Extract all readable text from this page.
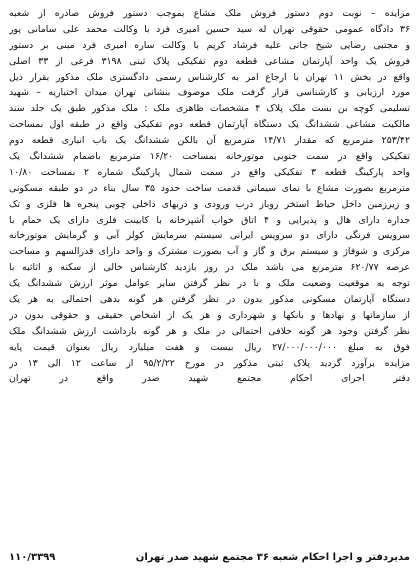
مزایده – نوبت دوم دستور فروش ملک مشاع بموجب دستور فروش صادره از شعبه
۳۶ دادگاه عمومی حقوقی تهران له سید حسین امیری فرد با وکالت محمد علی سامانی پور
و مجتبی رضایی شیخ جانی علیه فرشاد کریم با وکالت ساره امیری فرد مبنی بر دستور
فروش یک واحد آپارتمان مشاعی قطعه دوم تفکیکی پلاک ثبتی ۳۱۹۸ فرعی از ۳۳ اصلی
واقع در بخش ۱۱ تهران با ارجاع امر به کارشناس رسمی دادگستری ملک مذکور بقرار ذیل
مورد ارزیابی و کارشناسی قرار گرفت ملک موصوف بنشانی تهران میدان اختیاریه – شهید
تسلیمی کوچه بن بست ملک پلاک ۴ مشخصات ظاهری ملک : ملک مذکور طبق یک جلد سند
مالکیت مشاعی ششدانگ یک دستگاه آپارتمان قطعه دوم تفکیکی واقع در طبقه اول بمساحت
۲۵۳/۴۲ مترمربع که مقدار ۱۴/۷۱ مترمربع آن بالکن ششدانگ یک باب انباری قطعه دوم
تفکیکی واقع در سمت جنوبی موتورخانه بمساحت ۱۶/۲۰ مترمربع باضمام ششدانگ یک
واحد پارکینگ قطعه ۳ تفکیکی واقع در سمت شمال پارکینگ شماره ۲ بمساحت ۱۰/۸۰
مترمربع بصورت مشاع با نمای سیمانی قدمت ساخت حدود ۳۵ سال بناء در دو طبقه مسکونی
و زیرزمین داخل حیاط استخر روباز درب ورودی و دربهای داخلی چوبی پنجره ها فلزی و تک
جداره دارای هال و پذیرایی و ۴ اتاق خواب آشپزخانه با کابینت فلزی دارای یک حمام با
سرویس فرنگی دارای دو سرویس ایرانی سیستم سرمایش کولر آبی و گرمایش موتورخانه
مرکزی و شوفاژ و سیستم برق و گاز و آب بصورت مشترک و واحد دارای قدرالسهم و مساحت
عرصه ۶۲۰/۷۷ مترمربع می باشد ملک در روز بازدید کارشناس خالی از سکنه و اثاثیه با
توجه به موقعیت وضعیت ملک و با در نظر گرفتن سایر عوامل موثر ارزش ششدانگ یک
دستگاه آپارتمان مسکونی مذکور بدون در نظر گرفتن هر گونه بدهی احتمالی به هر یک
از سازمانها و نهادها و بانکها و شهرداری و هر یک از اشخاص حقیقی و حقوقی بدون در
نظر گرفتن وجود هر گونه خلافی احتمالی در ملک و هر گونه بازداشت ارزش ششدانگ ملک
فوق به مبلغ ۲۷/۰۰۰/۰۰۰/۰۰۰ ریال بیست و هفت میلیارد ریال بعنوان قیمت پایه
مزایده برآورد گردید پلاک ثبتی مذکور در مورخ ۹۵/۲/۲۲ از ساعت ۱۲ الی ۱۳ در
دفتر اجرای احکام مجتمع شهید صدر واقع در تهران
مدیردفتر و اجرا احکام شعبه ۳۶ مجتمع شهید صدر تهران
۱۱۰/۳۳۹۹
